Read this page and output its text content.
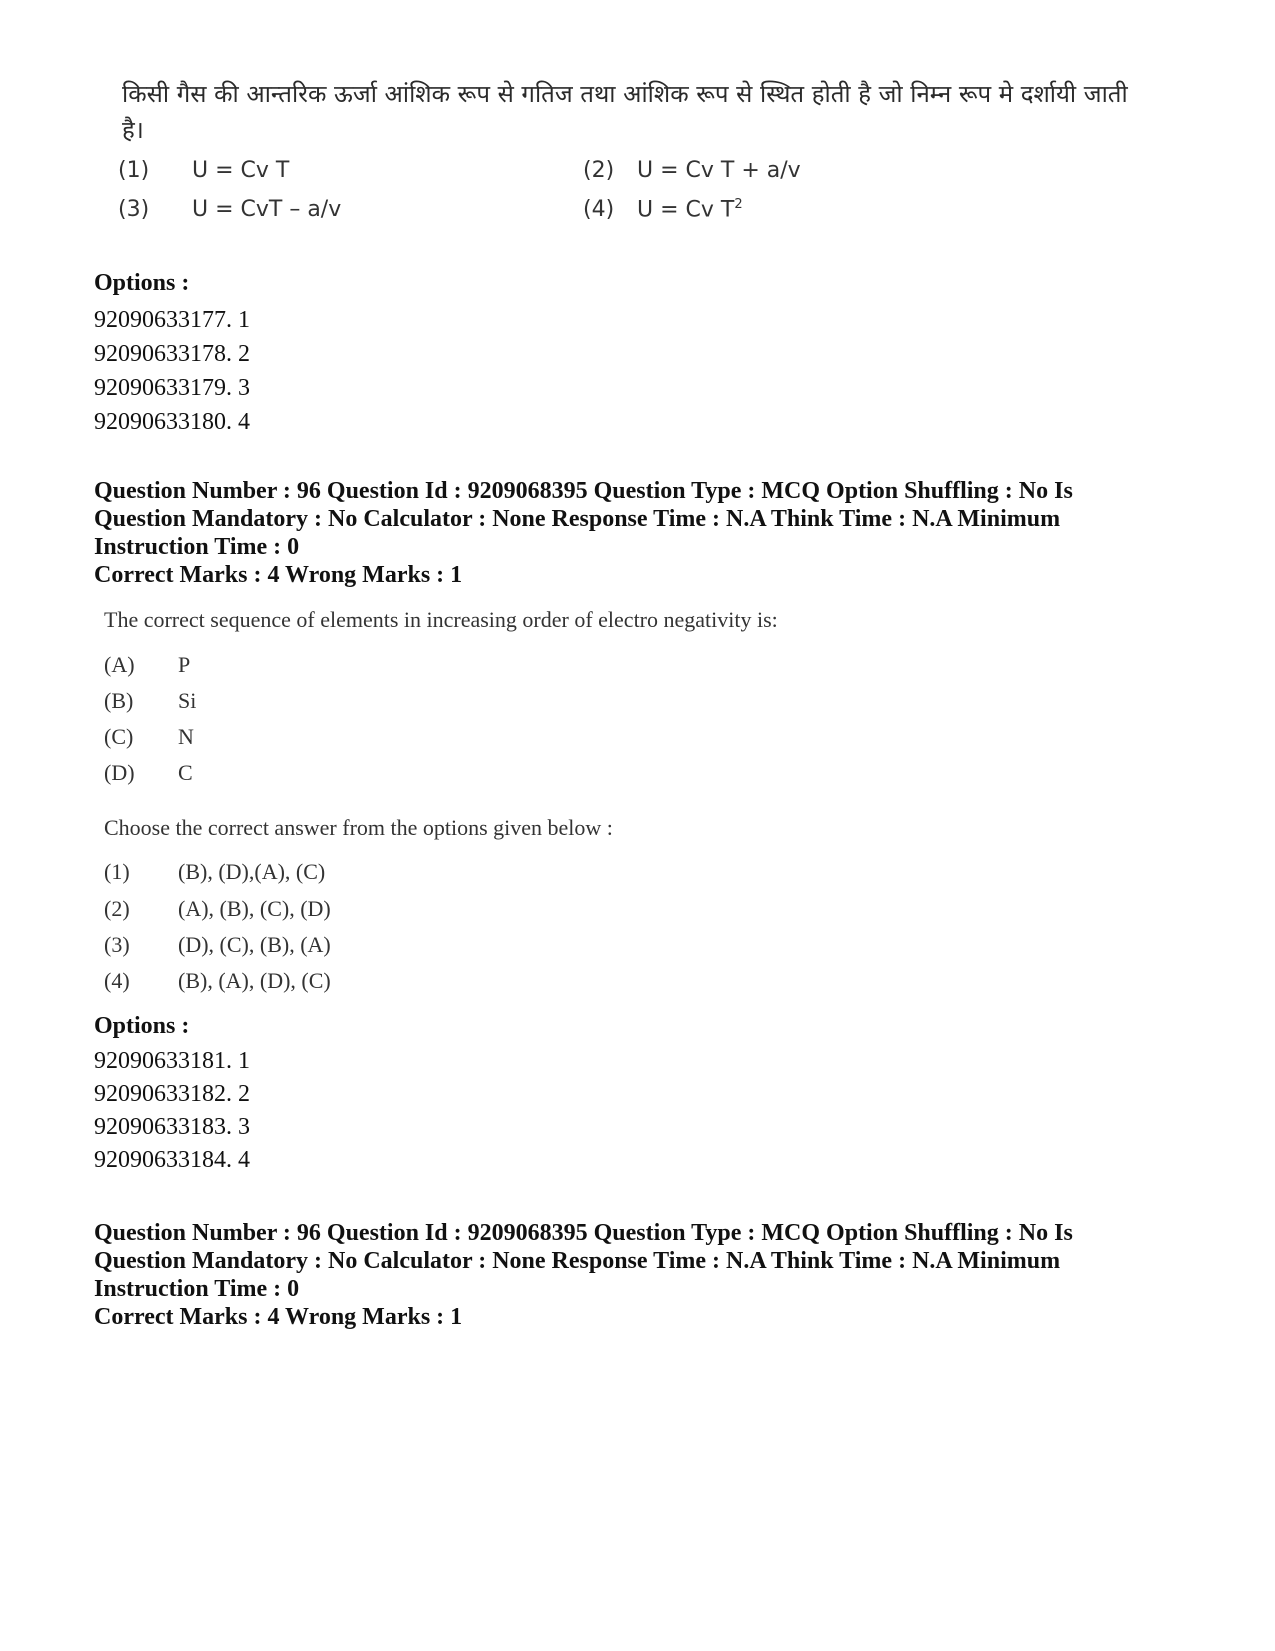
किसी गैस की आन्तरिक ऊर्जा आंशिक रूप से गतिज तथा आंशिक रूप से स्थित होती है जो निम्न रूप मे दर्शायी जाती है।

(1) U = Cv T	(2) U = Cv T + a/v
(3) U = CvT – a/v	(4) U = Cv $T^2$
Options :
92090633177. 1
92090633178. 2
92090633179. 3
92090633180. 4
Question Number : 96 Question Id : 9209068395 Question Type : MCQ Option Shuffling : No Is
Question Mandatory : No Calculator : None Response Time : N.A Think Time : N.A Minimum
Instruction Time : 0
Correct Marks : 4 Wrong Marks : 1
The correct sequence of elements in increasing order of electro negativity is:
(A) P
(B) Si
(C) N
(D) C
Choose the correct answer from the options given below :
(1) (B), (D),(A), (C)
(2) (A), (B), (C), (D)
(3) (D), (C), (B), (A)
(4) (B), (A), (D), (C)
Options :
92090633181. 1
92090633182. 2
92090633183. 3
92090633184. 4
Question Number : 96 Question Id : 9209068395 Question Type : MCQ Option Shuffling : No Is
Question Mandatory : No Calculator : None Response Time : N.A Think Time : N.A Minimum
Instruction Time : 0
Correct Marks : 4 Wrong Marks : 1
